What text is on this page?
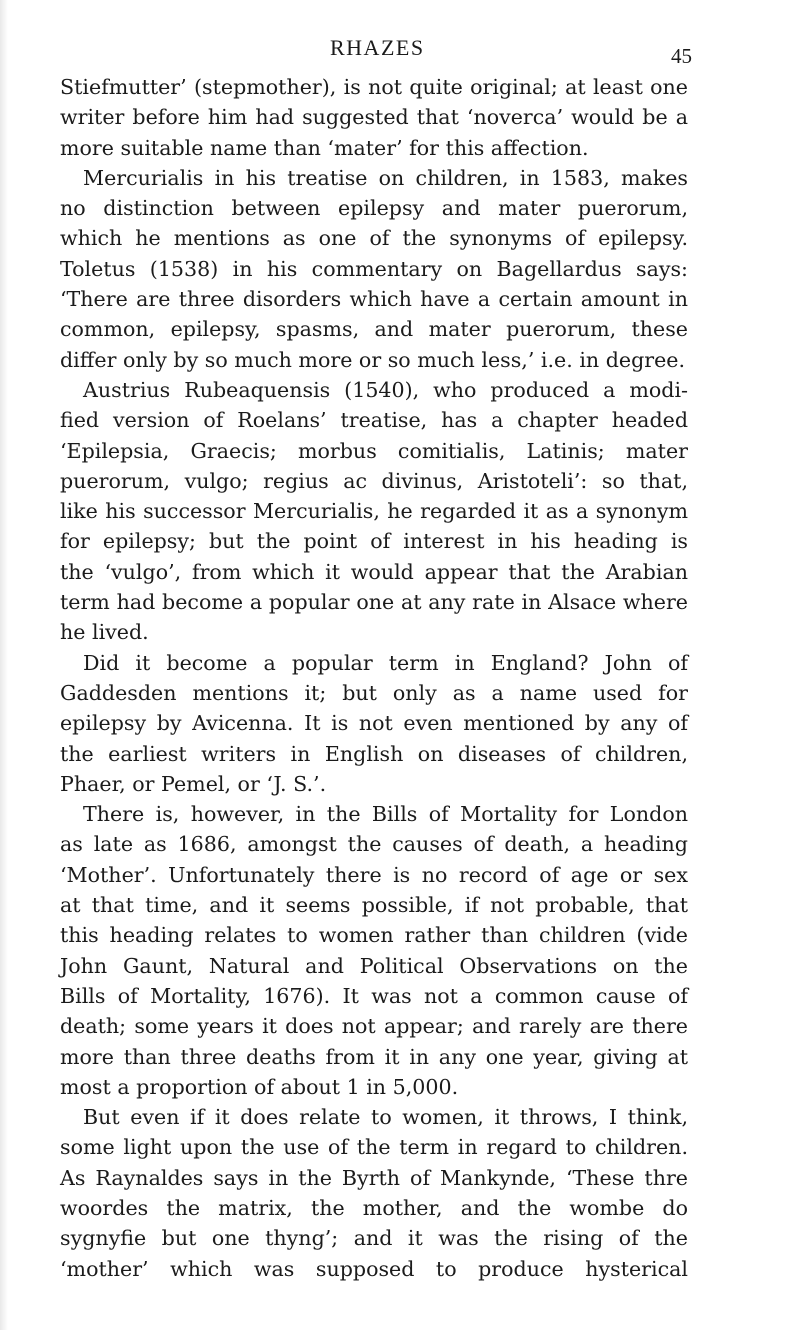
RHAZES	45
Stiefmutter’ (stepmother), is not quite original; at least one
writer before him had suggested that ‘noverca’ would be a
more suitable name than ‘mater’ for this affection.
Mercurialis in his treatise on children, in 1583, makes
no distinction between epilepsy and mater puerorum,
which he mentions as one of the synonyms of epilepsy.
Toletus (1538) in his commentary on Bagellardus says:
‘There are three disorders which have a certain amount in
common, epilepsy, spasms, and mater puerorum, these
differ only by so much more or so much less,’ i.e. in degree.
Austrius Rubeaquensis (1540), who produced a modi-
fied version of Roelans’ treatise, has a chapter headed
‘Epilepsia, Graecis; morbus comitialis, Latinis; mater
puerorum, vulgo; regius ac divinus, Aristoteli’: so that,
like his successor Mercurialis, he regarded it as a synonym
for epilepsy; but the point of interest in his heading is
the ‘vulgo’, from which it would appear that the Arabian
term had become a popular one at any rate in Alsace where
he lived.
Did it become a popular term in England? John of
Gaddesden mentions it; but only as a name used for
epilepsy by Avicenna. It is not even mentioned by any of
the earliest writers in English on diseases of children,
Phaer, or Pemel, or ‘J. S.’.
There is, however, in the Bills of Mortality for London
as late as 1686, amongst the causes of death, a heading
‘Mother’. Unfortunately there is no record of age or sex
at that time, and it seems possible, if not probable, that
this heading relates to women rather than children (vide
John Gaunt, Natural and Political Observations on the
Bills of Mortality, 1676). It was not a common cause of
death; some years it does not appear; and rarely are there
more than three deaths from it in any one year, giving at
most a proportion of about 1 in 5,000.
But even if it does relate to women, it throws, I think,
some light upon the use of the term in regard to children.
As Raynaldes says in the Byrth of Mankynde, ‘These thre
woordes the matrix, the mother, and the wombe do
sygnyfie but one thyng’; and it was the rising of the
‘mother’ which was supposed to produce hysterical
